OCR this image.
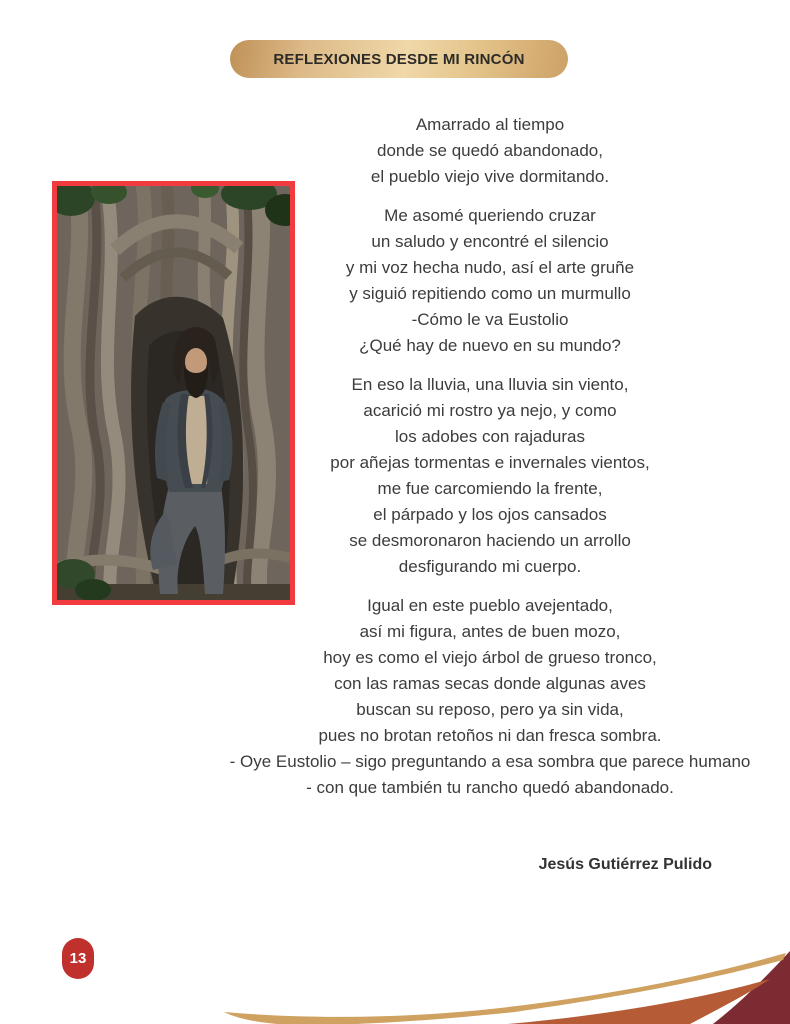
REFLEXIONES DESDE MI RINCÓN
Amarrado al tiempo
donde se quedó abandonado,
el pueblo viejo vive dormitando.
Me asomé queriendo cruzar
un saludo y encontré el silencio
y mi voz hecha nudo, así el arte gruñe
y siguió repitiendo como un murmullo
-Cómo le va Eustolio
¿Qué hay de nuevo en su mundo?
En eso la lluvia, una lluvia sin viento,
acarició mi rostro ya nejo, y como
los adobes con rajaduras
por añejas tormentas e invernales vientos,
me fue carcomiendo la frente,
el párpado y los ojos cansados
se desmoronaron haciendo un arrollo
desfigurando mi cuerpo.
Igual en este pueblo avejentado,
así mi figura, antes de buen mozo,
hoy es como el viejo árbol de grueso tronco,
con las ramas secas donde algunas aves
buscan su reposo, pero ya sin vida,
pues no brotan retoños ni dan fresca sombra.
- Oye Eustolio – sigo preguntando a esa sombra que parece humano
- con que también tu rancho quedó abandonado.
Jesús Gutiérrez Pulido
13
